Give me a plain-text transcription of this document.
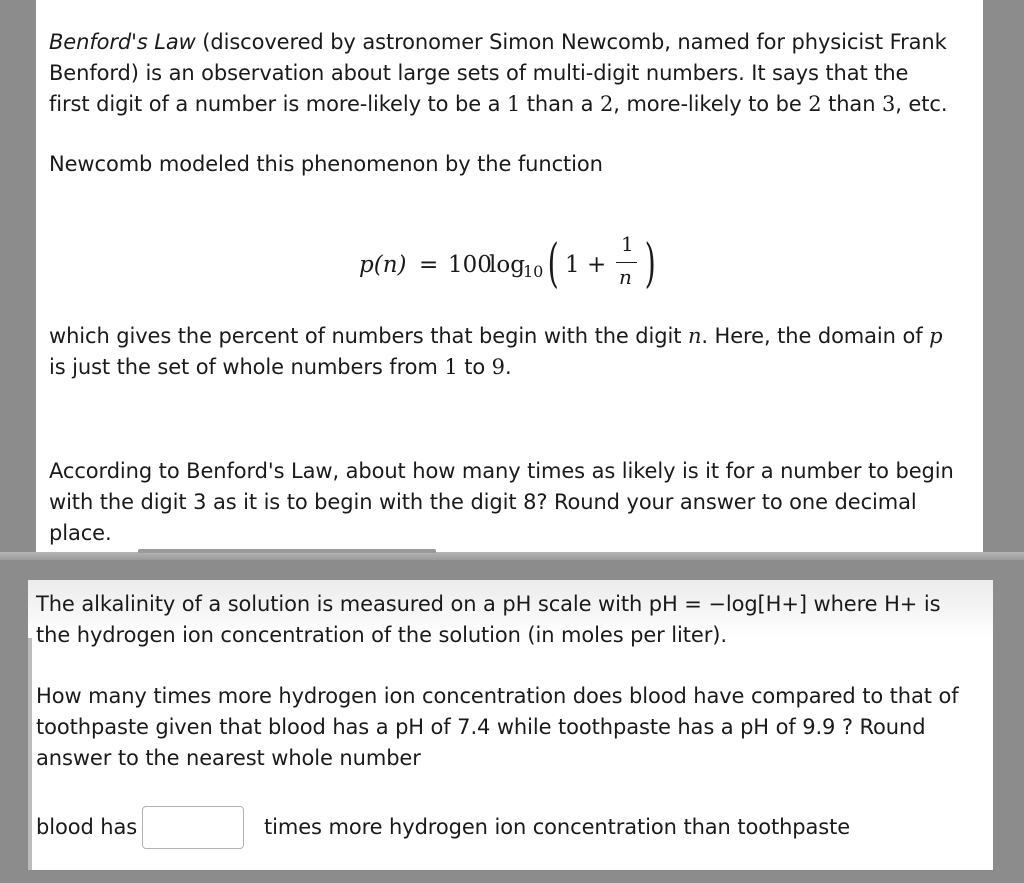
Benford's Law (discovered by astronomer Simon Newcomb, named for physicist Frank Benford) is an observation about large sets of multi-digit numbers. It says that the first digit of a number is more-likely to be a 1 than a 2, more-likely to be 2 than 3, etc.

Newcomb modeled this phenomenon by the function

p(n) = 100
log
10 ( 1 +
1
n )

which gives the percent of numbers that begin with the digit n. Here, the domain of p is just the set of whole numbers from 1 to 9.

According to Benford's Law, about how many times as likely is it for a number to begin with the digit 3 as it is to begin with the digit 8? Round your answer to one decimal place.

The alkalinity of a solution is measured on a pH scale with pH = −log[H+] where H+ is the hydrogen ion concentration of the solution (in moles per liter).

How many times more hydrogen ion concentration does blood have compared to that of toothpaste given that blood has a pH of 7.4 while toothpaste has a pH of 9.9 ? Round answer to the nearest whole number

blood has	times more hydrogen ion concentration than toothpaste
